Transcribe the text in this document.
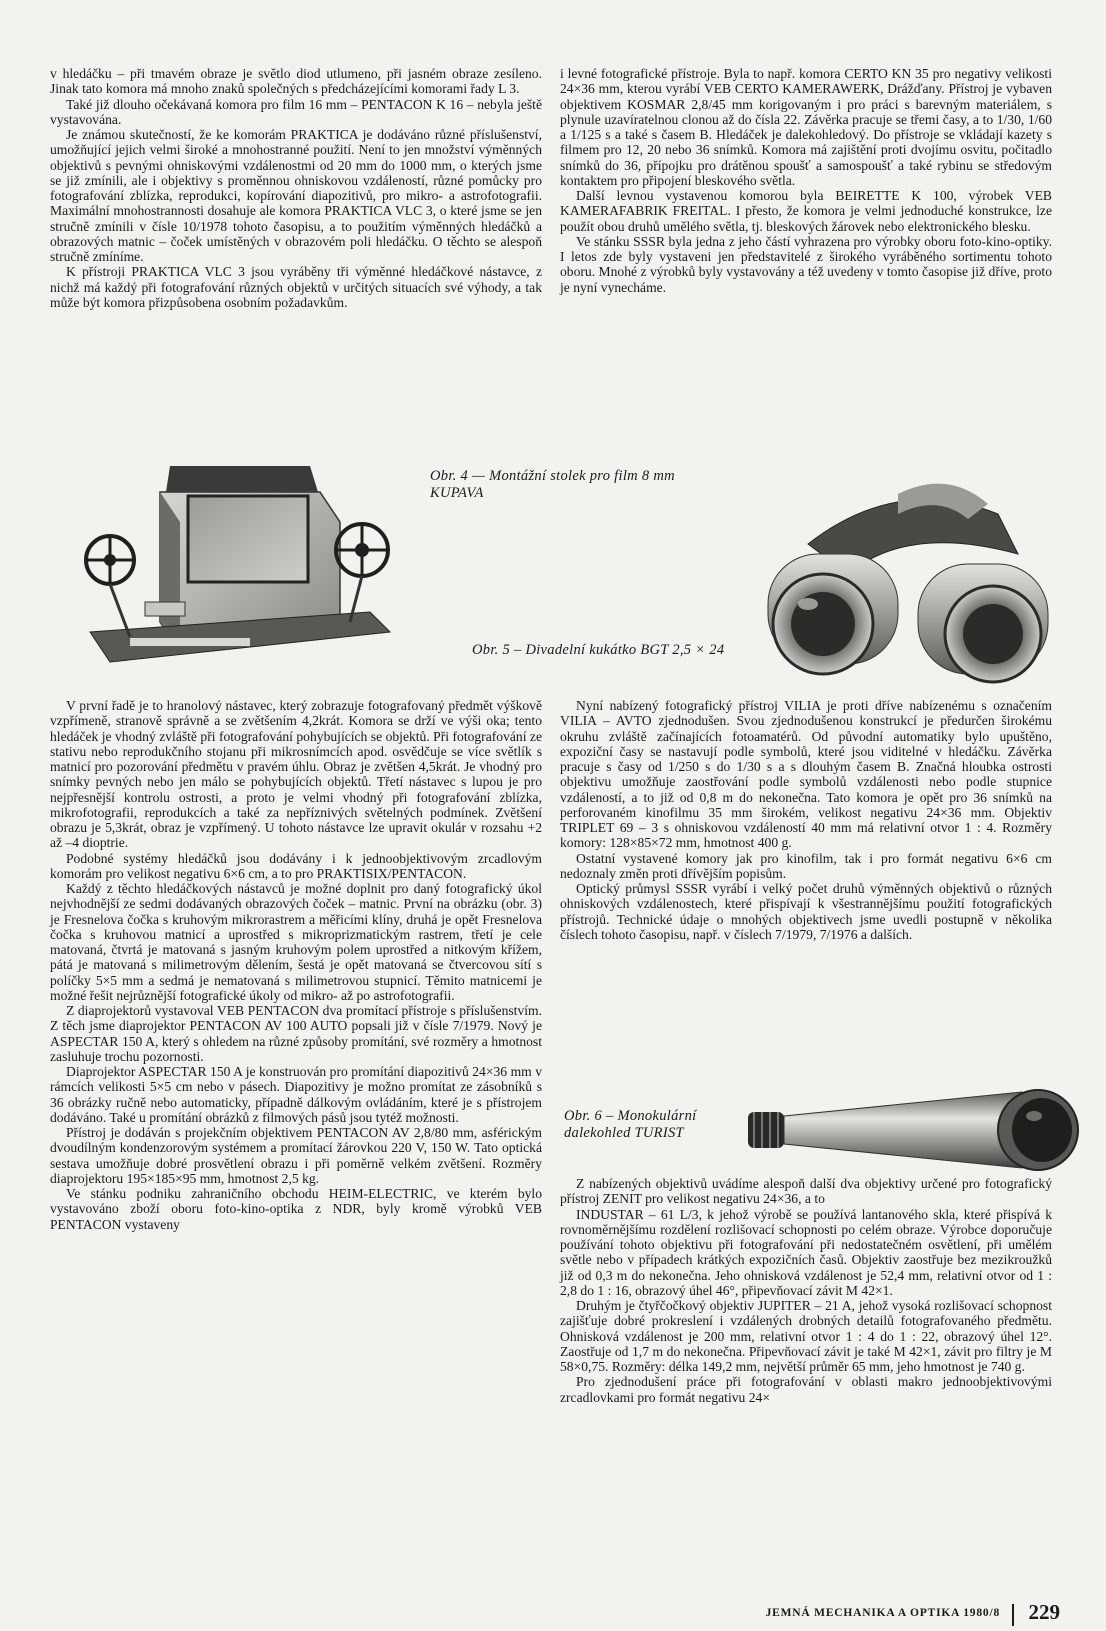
v hledáčku – při tmavém obraze je světlo diod utlumeno, při jasném obraze zesíleno. Jinak tato komora má mnoho znaků společných s předcházejícími komorami řady L 3.

Také již dlouho očekávaná komora pro film 16 mm – PENTACON K 16 – nebyla ještě vystavována.

Je známou skutečností, že ke komorám PRAKTICA je dodáváno různé příslušenství, umožňující jejich velmi široké a mnohostranné použití. Není to jen množství výměnných objektivů s pevnými ohniskovými vzdálenostmi od 20 mm do 1000 mm, o kterých jsme se již zmínili, ale i objektivy s proměnnou ohniskovou vzdáleností, různé pomůcky pro fotografování zblízka, reprodukci, kopírování diapozitivů, pro mikro- a astrofotografii. Maximální mnohostrannosti dosahuje ale komora PRAKTICA VLC 3, o které jsme se jen stručně zmínili v čísle 10/1978 tohoto časopisu, a to použitím výměnných hledáčků a obrazových matnic – čoček umístěných v obrazovém poli hledáčku. O těchto se alespoň stručně zmíníme.

K přístroji PRAKTICA VLC 3 jsou vyráběny tři výměnné hledáčkové nástavce, z nichž má každý při fotografování různých objektů v určitých situacích své výhody, a tak může být komora přizpůsobena osobním požadavkům.

i levné fotografické přístroje. Byla to např. komora CERTO KN 35 pro negativy velikosti 24×36 mm, kterou vyrábí VEB CERTO KAMERAWERK, Drážďany. Přístroj je vybaven objektivem KOSMAR 2,8/45 mm korigovaným i pro práci s barevným materiálem, s plynule uzavíratelnou clonou až do čísla 22. Závěrka pracuje se třemi časy, a to 1/30, 1/60 a 1/125 s a také s časem B. Hledáček je dalekohledový. Do přístroje se vkládají kazety s filmem pro 12, 20 nebo 36 snímků. Komora má zajištění proti dvojímu osvitu, počitadlo snímků do 36, přípojku pro drátěnou spoušť a samospoušť a také rybinu se středovým kontaktem pro připojení bleskového světla.

Další levnou vystavenou komorou byla BEIRETTE K 100, výrobek VEB KAMERAFABRIK FREITAL. I přesto, že komora je velmi jednoduché konstrukce, lze použít obou druhů umělého světla, tj. bleskových žárovek nebo elektronického blesku.

Ve stánku SSSR byla jedna z jeho částí vyhrazena pro výrobky oboru foto-kino-optiky. I letos zde byly vystaveni jen představitelé z širokého vyráběného sortimentu tohoto oboru. Mnohé z výrobků byly vystavovány a též uvedeny v tomto časopise již dříve, proto je nyní vynecháme.

Obr. 4 — Montážní stolek pro film 8 mm KUPAVA
Obr. 5 – Divadelní kukátko BGT 2,5 × 24

V první řadě je to hranolový nástavec, který zobrazuje fotografovaný předmět výškově vzpřímeně, stranově správně a se zvětšením 4,2krát. Komora se drží ve výši oka; tento hledáček je vhodný zvláště při fotografování pohybujících se objektů. Při fotografování ze stativu nebo reprodukčního stojanu při mikrosnímcích apod. osvědčuje se více světlík s matnicí pro pozorování předmětu v pravém úhlu. Obraz je zvětšen 4,5krát. Je vhodný pro snímky pevných nebo jen málo se pohybujících objektů. Třetí nástavec s lupou je pro nejpřesnější kontrolu ostrosti, a proto je velmi vhodný při fotografování zblízka, mikrofotografii, reprodukcích a také za nepříznivých světelných podmínek. Zvětšení obrazu je 5,3krát, obraz je vzpřímený. U tohoto nástavce lze upravit okulár v rozsahu +2 až –4 dioptrie.

Podobné systémy hledáčků jsou dodávány i k jednoobjektivovým zrcadlovým komorám pro velikost negativu 6×6 cm, a to pro PRAKTISIX/PENTACON.

Každý z těchto hledáčkových nástavců je možné doplnit pro daný fotografický úkol nejvhodnější ze sedmi dodávaných obrazových čoček – matnic. První na obrázku (obr. 3) je Fresnelova čočka s kruhovým mikrorastrem a měřicími klíny, druhá je opět Fresnelova čočka s kruhovou matnicí a uprostřed s mikroprizmatickým rastrem, třetí je cele matovaná, čtvrtá je matovaná s jasným kruhovým polem uprostřed a nitkovým křížem, pátá je matovaná s milimetrovým dělením, šestá je opět matovaná se čtvercovou sítí s políčky 5×5 mm a sedmá je nematovaná s milimetrovou stupnicí. Těmito matnicemi je možné řešit nejrůznější fotografické úkoly od mikro- až po astrofotografii.

Z diaprojektorů vystavoval VEB PENTACON dva promítací přístroje s příslušenstvím. Z těch jsme diaprojektor PENTACON AV 100 AUTO popsali již v čísle 7/1979. Nový je ASPECTAR 150 A, který s ohledem na různé způsoby promítání, své rozměry a hmotnost zasluhuje trochu pozornosti.

Diaprojektor ASPECTAR 150 A je konstruován pro promítání diapozitivů 24×36 mm v rámcích velikosti 5×5 cm nebo v pásech. Diapozitivy je možno promítat ze zásobníků s 36 obrázky ručně nebo automaticky, případně dálkovým ovládáním, které je s přístrojem dodáváno. Také u promítání obrázků z filmových pásů jsou tytéž možnosti.

Přístroj je dodáván s projekčním objektivem PENTACON AV 2,8/80 mm, asférickým dvoudílným kondenzorovým systémem a promítací žárovkou 220 V, 150 W. Tato optická sestava umožňuje dobré prosvětlení obrazu i při poměrně velkém zvětšení. Rozměry diaprojektoru 195×185×95 mm, hmotnost 2,5 kg.

Ve stánku podniku zahraničního obchodu HEIM-ELECTRIC, ve kterém bylo vystavováno zboží oboru foto-kino-optika z NDR, byly kromě výrobků VEB PENTACON vystaveny

Nyní nabízený fotografický přístroj VILIA je proti dříve nabízenému s označením VILIA – AVTO zjednodušen. Svou zjednodušenou konstrukcí je předurčen širokému okruhu zvláště začínajících fotoamatérů. Od původní automatiky bylo upuštěno, expoziční časy se nastavují podle symbolů, které jsou viditelné v hledáčku. Závěrka pracuje s časy od 1/250 s do 1/30 s a s dlouhým časem B. Značná hloubka ostrosti objektivu umožňuje zaostřování podle symbolů vzdálenosti nebo podle stupnice vzdáleností, a to již od 0,8 m do nekonečna. Tato komora je opět pro 36 snímků na perforovaném kinofilmu 35 mm širokém, velikost negativu 24×36 mm. Objektiv TRIPLET 69 – 3 s ohniskovou vzdáleností 40 mm má relativní otvor 1 : 4. Rozměry komory: 128×85×72 mm, hmotnost 400 g.

Ostatní vystavené komory jak pro kinofilm, tak i pro formát negativu 6×6 cm nedoznaly změn proti dřívějším popisům.

Optický průmysl SSSR vyrábí i velký počet druhů výměnných objektivů o různých ohniskových vzdálenostech, které přispívají k všestrannějšímu použití fotografických přístrojů. Technické údaje o mnohých objektivech jsme uvedli postupně v několika číslech tohoto časopisu, např. v číslech 7/1979, 7/1976 a dalších.

Obr. 6 – Monokulární dalekohled TURIST

Z nabízených objektivů uvádíme alespoň další dva objektivy určené pro fotografický přístroj ZENIT pro velikost negativu 24×36, a to

INDUSTAR – 61 L/3, k jehož výrobě se používá lantanového skla, které přispívá k rovnoměrnějšímu rozdělení rozlišovací schopnosti po celém obraze. Výrobce doporučuje používání tohoto objektivu při fotografování při nedostatečném osvětlení, při umělém světle nebo v případech krátkých expozičních časů. Objektiv zaostřuje bez mezikroužků již od 0,3 m do nekonečna. Jeho ohnisková vzdálenost je 52,4 mm, relativní otvor od 1 : 2,8 do 1 : 16, obrazový úhel 46°, připevňovací závit M 42×1.

Druhým je čtyřčočkový objektiv JUPITER – 21 A, jehož vysoká rozlišovací schopnost zajišťuje dobré prokreslení i vzdálených drobných detailů fotografovaného předmětu. Ohnisková vzdálenost je 200 mm, relativní otvor 1 : 4 do 1 : 22, obrazový úhel 12°. Zaostřuje od 1,7 m do nekonečna. Připevňovací závit je také M 42×1, závit pro filtry je M 58×0,75. Rozměry: délka 149,2 mm, největší průměr 65 mm, jeho hmotnost je 740 g.

Pro zjednodušení práce při fotografování v oblasti makro jednoobjektivovými zrcadlovkami pro formát negativu 24×

JEMNÁ MECHANIKA A OPTIKA 1980/8 229
